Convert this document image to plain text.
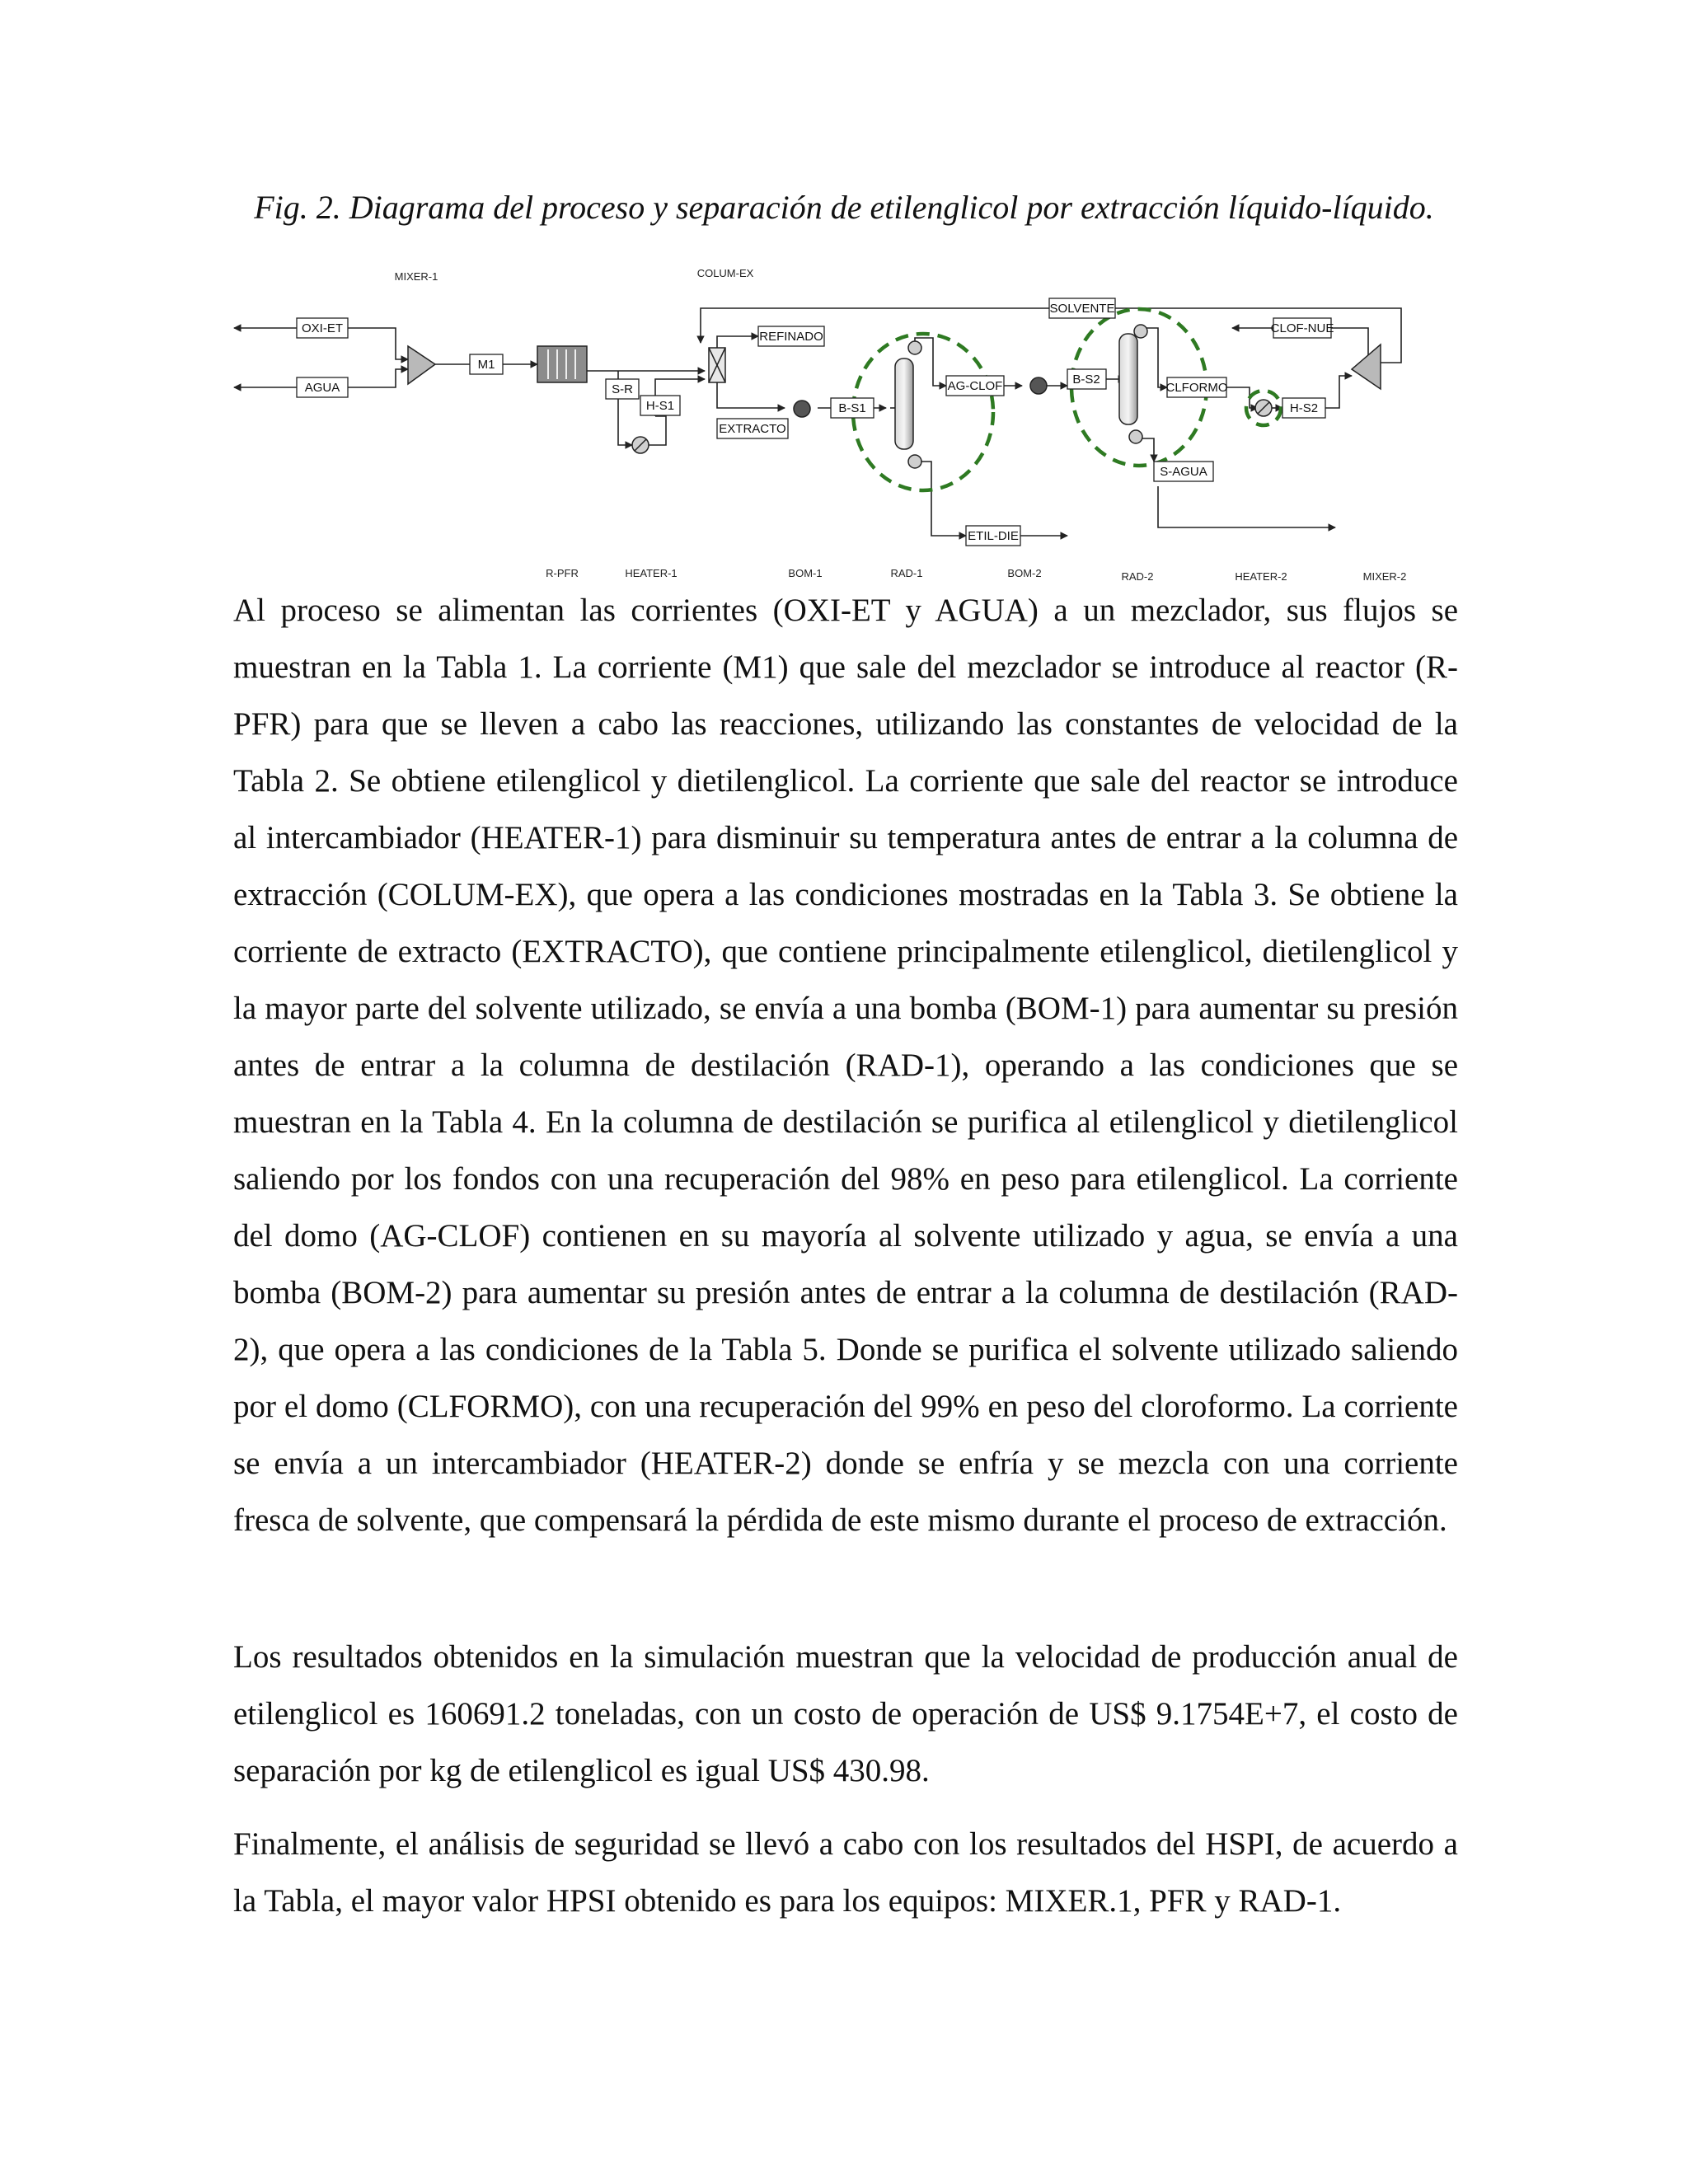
Fig. 2. Diagrama del proceso y separación de etilenglicol por extracción líquido-líquido.
OXI-ET
AGUA
M1
S-R
H-S1
REFINADO
EXTRACTO
B-S1
AG-CLOF
ETIL-DIE
SOLVENTE
B-S2
CLFORMO
S-AGUA
CLOF-NUE
H-S2
MIXER-1	COLUM-EX
R-PFR	HEATER-1	BOM-1	RAD-1	BOM-2	RAD-2	HEATER-2	MIXER-2

Al proceso se alimentan las corrientes (OXI-ET y AGUA) a un mezclador, sus flujos se muestran en la Tabla 1. La corriente (M1) que sale del mezclador se introduce al reactor (R-PFR) para que se lleven a cabo las reacciones, utilizando las constantes de velocidad de la Tabla 2. Se obtiene etilenglicol y dietilenglicol. La corriente que sale del reactor se introduce al intercambiador (HEATER-1) para disminuir su temperatura antes de entrar a la columna de extracción (COLUM-EX), que opera a las condiciones mostradas en la Tabla 3. Se obtiene la corriente de extracto (EXTRACTO), que contiene principalmente etilenglicol, dietilenglicol y la mayor parte del solvente utilizado, se envía a una bomba (BOM-1) para aumentar su presión antes de entrar a la columna de destilación (RAD-1), operando a las condiciones que se muestran en la Tabla 4. En la columna de destilación se purifica al etilenglicol y dietilenglicol saliendo por los fondos con una recuperación del 98% en peso para etilenglicol. La corriente del domo (AG-CLOF) contienen en su mayoría al solvente utilizado y agua, se envía a una bomba (BOM-2) para aumentar su presión antes de entrar a la columna de destilación (RAD-2), que opera a las condiciones de la Tabla 5. Donde se purifica el solvente utilizado saliendo por el domo (CLFORMO), con una recuperación del 99% en peso del cloroformo. La corriente se envía a un intercambiador (HEATER-2) donde se enfría y se mezcla con una corriente fresca de solvente, que compensará la pérdida de este mismo durante el proceso de extracción.

Los resultados obtenidos en la simulación muestran que la velocidad de producción anual de etilenglicol es 160691.2 toneladas, con un costo de operación de US$ 9.1754E+7, el costo de separación por kg de etilenglicol es igual US$ 430.98.

Finalmente, el análisis de seguridad se llevó a cabo con los resultados del HSPI, de acuerdo a la Tabla, el mayor valor HPSI obtenido es para los equipos: MIXER.1, PFR y RAD-1.
